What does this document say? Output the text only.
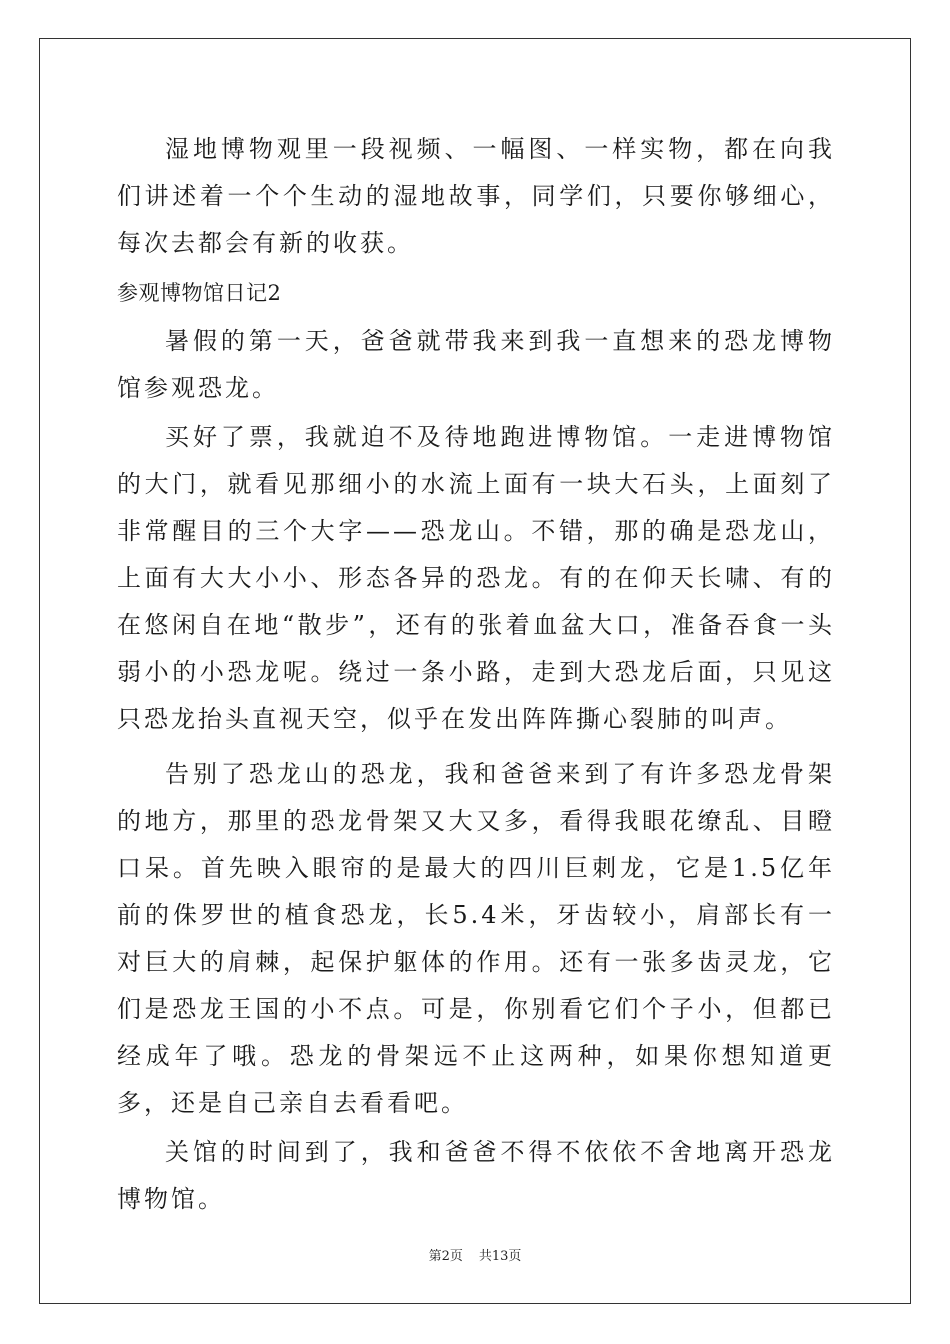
湿地博物观里一段视频、一幅图、一样实物，都在向我们讲述着一个个生动的湿地故事，同学们，只要你够细心，每次去都会有新的收获。

参观博物馆日记2

暑假的第一天，爸爸就带我来到我一直想来的恐龙博物馆参观恐龙。

买好了票，我就迫不及待地跑进博物馆。一走进博物馆的大门，就看见那细小的水流上面有一块大石头，上面刻了非常醒目的三个大字——恐龙山。不错，那的确是恐龙山，上面有大大小小、形态各异的恐龙。有的在仰天长啸、有的在悠闲自在地“散步”，还有的张着血盆大口，准备吞食一头弱小的小恐龙呢。绕过一条小路，走到大恐龙后面，只见这只恐龙抬头直视天空，似乎在发出阵阵撕心裂肺的叫声。

告别了恐龙山的恐龙，我和爸爸来到了有许多恐龙骨架的地方，那里的恐龙骨架又大又多，看得我眼花缭乱、目瞪口呆。首先映入眼帘的是最大的四川巨刺龙，它是1.5亿年前的侏罗世的植食恐龙，长5.4米，牙齿较小，肩部长有一对巨大的肩棘，起保护躯体的作用。还有一张多齿灵龙，它们是恐龙王国的小不点。可是，你别看它们个子小，但都已经成年了哦。恐龙的骨架远不止这两种，如果你想知道更多，还是自己亲自去看看吧。

关馆的时间到了，我和爸爸不得不依依不舍地离开恐龙博物馆。

第2页 共13页
